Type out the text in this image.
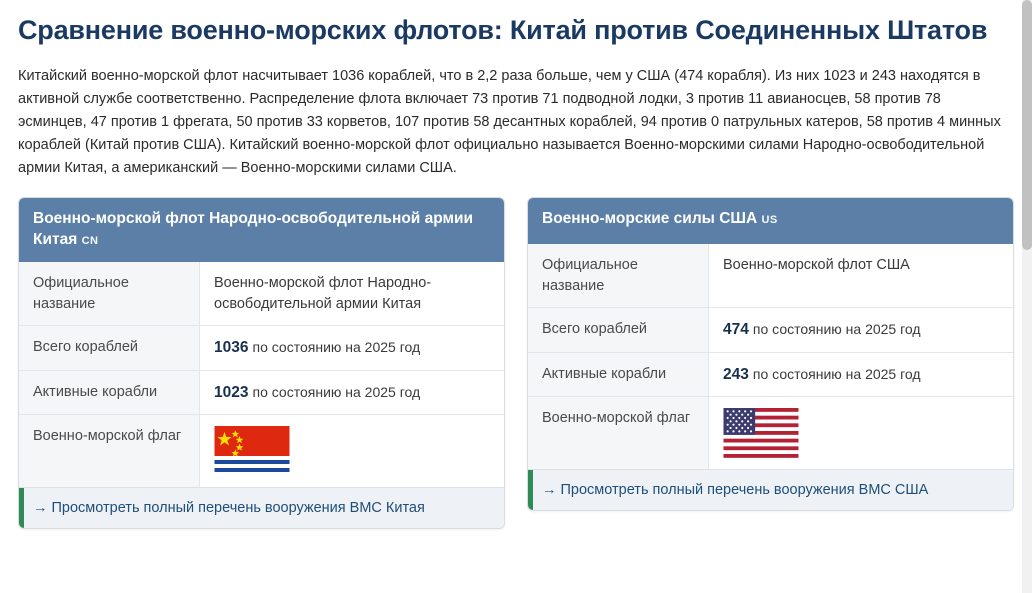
Сравнение военно-морских флотов: Китай против Соединенных Штатов

Китайский военно-морской флот насчитывает 1036 кораблей, что в 2,2 раза больше, чем у США (474 корабля). Из них 1023 и 243 находятся в активной службе соответственно. Распределение флота включает 73 против 71 подводной лодки, 3 против 11 авианосцев, 58 против 78 эсминцев, 47 против 1 фрегата, 50 против 33 корветов, 107 против 58 десантных кораблей, 94 против 0 патрульных катеров, 58 против 4 минных кораблей (Китай против США). Китайский военно-морской флот официально называется Военно-морскими силами Народно-освободительной армии Китая, а американский — Военно-морскими силами США.

Военно-морской флот Народно-освободительной армии Китая CN
Официальное название	Военно-морской флот Народно-освободительной армии Китая
Всего кораблей	1036 по состоянию на 2025 год
Активные корабли	1023 по состоянию на 2025 год
Военно-морской флаг	
→ Просмотреть полный перечень вооружения ВМС Китая
Военно-морские силы США US
Официальное название	Военно-морской флот США
Всего кораблей	474 по состоянию на 2025 год
Активные корабли	243 по состоянию на 2025 год
Военно-морской флаг	
→ Просмотреть полный перечень вооружения ВМС США
